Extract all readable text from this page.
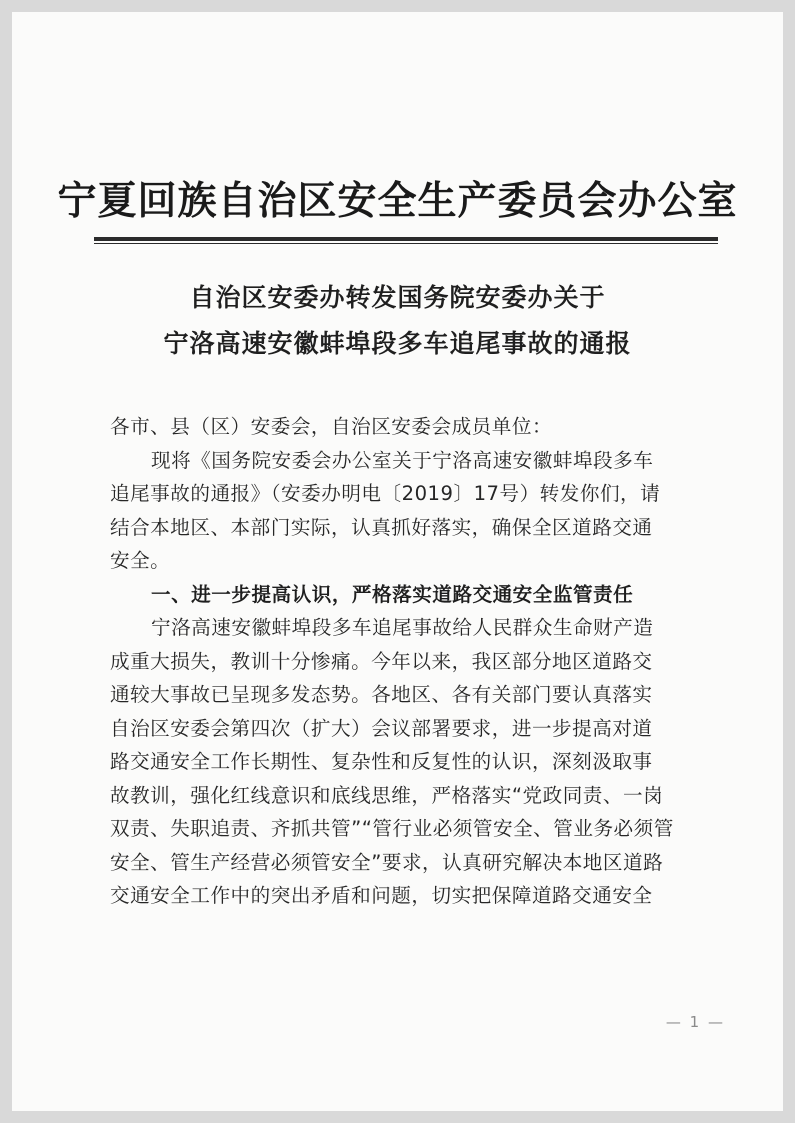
宁夏回族自治区安全生产委员会办公室
自治区安委办转发国务院安委办关于
宁洛高速安徽蚌埠段多车追尾事故的通报
各市、县（区）安委会，自治区安委会成员单位：
现将《国务院安委会办公室关于宁洛高速安徽蚌埠段多车
追尾事故的通报》（安委办明电〔2019〕17号）转发你们，请
结合本地区、本部门实际，认真抓好落实，确保全区道路交通
安全。
一、进一步提高认识，严格落实道路交通安全监管责任
宁洛高速安徽蚌埠段多车追尾事故给人民群众生命财产造
成重大损失，教训十分惨痛。今年以来，我区部分地区道路交
通较大事故已呈现多发态势。各地区、各有关部门要认真落实
自治区安委会第四次（扩大）会议部署要求，进一步提高对道
路交通安全工作长期性、复杂性和反复性的认识，深刻汲取事
故教训，强化红线意识和底线思维，严格落实“党政同责、一岗
双责、失职追责、齐抓共管”“管行业必须管安全、管业务必须管
安全、管生产经营必须管安全”要求，认真研究解决本地区道路
交通安全工作中的突出矛盾和问题，切实把保障道路交通安全
— 1 —
